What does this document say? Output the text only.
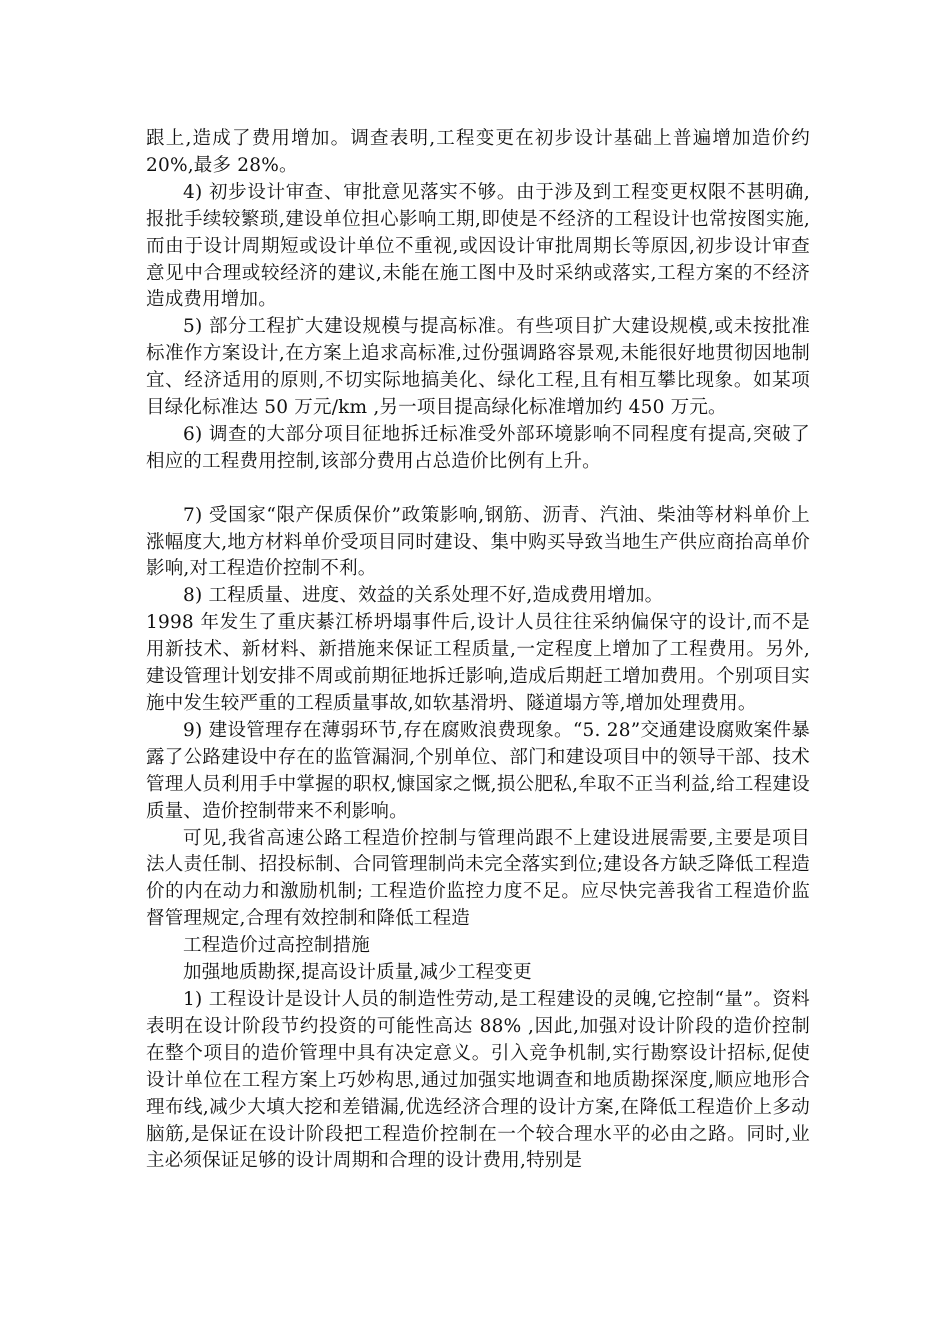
跟上,造成了费用增加。调查表明,工程变更在初步设计基础上普遍增加造价约 20%,最多 28%。

4) 初步设计审查、审批意见落实不够。由于涉及到工程变更权限不甚明确,报批手续较繁琐,建设单位担心影响工期,即使是不经济的工程设计也常按图实施,而由于设计周期短或设计单位不重视,或因设计审批周期长等原因,初步设计审查意见中合理或较经济的建议,未能在施工图中及时采纳或落实,工程方案的不经济造成费用增加。

5) 部分工程扩大建设规模与提高标准。有些项目扩大建设规模,或未按批准标准作方案设计,在方案上追求高标准,过份强调路容景观,未能很好地贯彻因地制宜、经济适用的原则,不切实际地搞美化、绿化工程,且有相互攀比现象。如某项目绿化标准达 50 万元/km ,另一项目提高绿化标准增加约 450 万元。

6) 调查的大部分项目征地拆迁标准受外部环境影响不同程度有提高,突破了相应的工程费用控制,该部分费用占总造价比例有上升。

7) 受国家“限产保质保价”政策影响,钢筋、沥青、汽油、柴油等材料单价上涨幅度大,地方材料单价受项目同时建设、集中购买导致当地生产供应商抬高单价影响,对工程造价控制不利。

8) 工程质量、进度、效益的关系处理不好,造成费用增加。

1998 年发生了重庆綦江桥坍塌事件后,设计人员往往采纳偏保守的设计,而不是用新技术、新材料、新措施来保证工程质量,一定程度上增加了工程费用。另外,建设管理计划安排不周或前期征地拆迁影响,造成后期赶工增加费用。个别项目实施中发生较严重的工程质量事故,如软基滑坍、隧道塌方等,增加处理费用。

9) 建设管理存在薄弱环节,存在腐败浪费现象。“5. 28”交通建设腐败案件暴露了公路建设中存在的监管漏洞,个别单位、部门和建设项目中的领导干部、技术管理人员利用手中掌握的职权,慷国家之慨,损公肥私,牟取不正当利益,给工程建设质量、造价控制带来不利影响。

可见,我省高速公路工程造价控制与管理尚跟不上建设进展需要,主要是项目法人责任制、招投标制、合同管理制尚未完全落实到位;建设各方缺乏降低工程造价的内在动力和激励机制; 工程造价监控力度不足。应尽快完善我省工程造价监督管理规定,合理有效控制和降低工程造

工程造价过高控制措施

加强地质勘探,提高设计质量,减少工程变更

1) 工程设计是设计人员的制造性劳动,是工程建设的灵魄,它控制“量”。资料表明在设计阶段节约投资的可能性高达 88% ,因此,加强对设计阶段的造价控制在整个项目的造价管理中具有决定意义。引入竞争机制,实行勘察设计招标,促使设计单位在工程方案上巧妙构思,通过加强实地调查和地质勘探深度,顺应地形合理布线,减少大填大挖和差错漏,优选经济合理的设计方案,在降低工程造价上多动脑筋,是保证在设计阶段把工程造价控制在一个较合理水平的必由之路。同时,业主必须保证足够的设计周期和合理的设计费用,特别是
